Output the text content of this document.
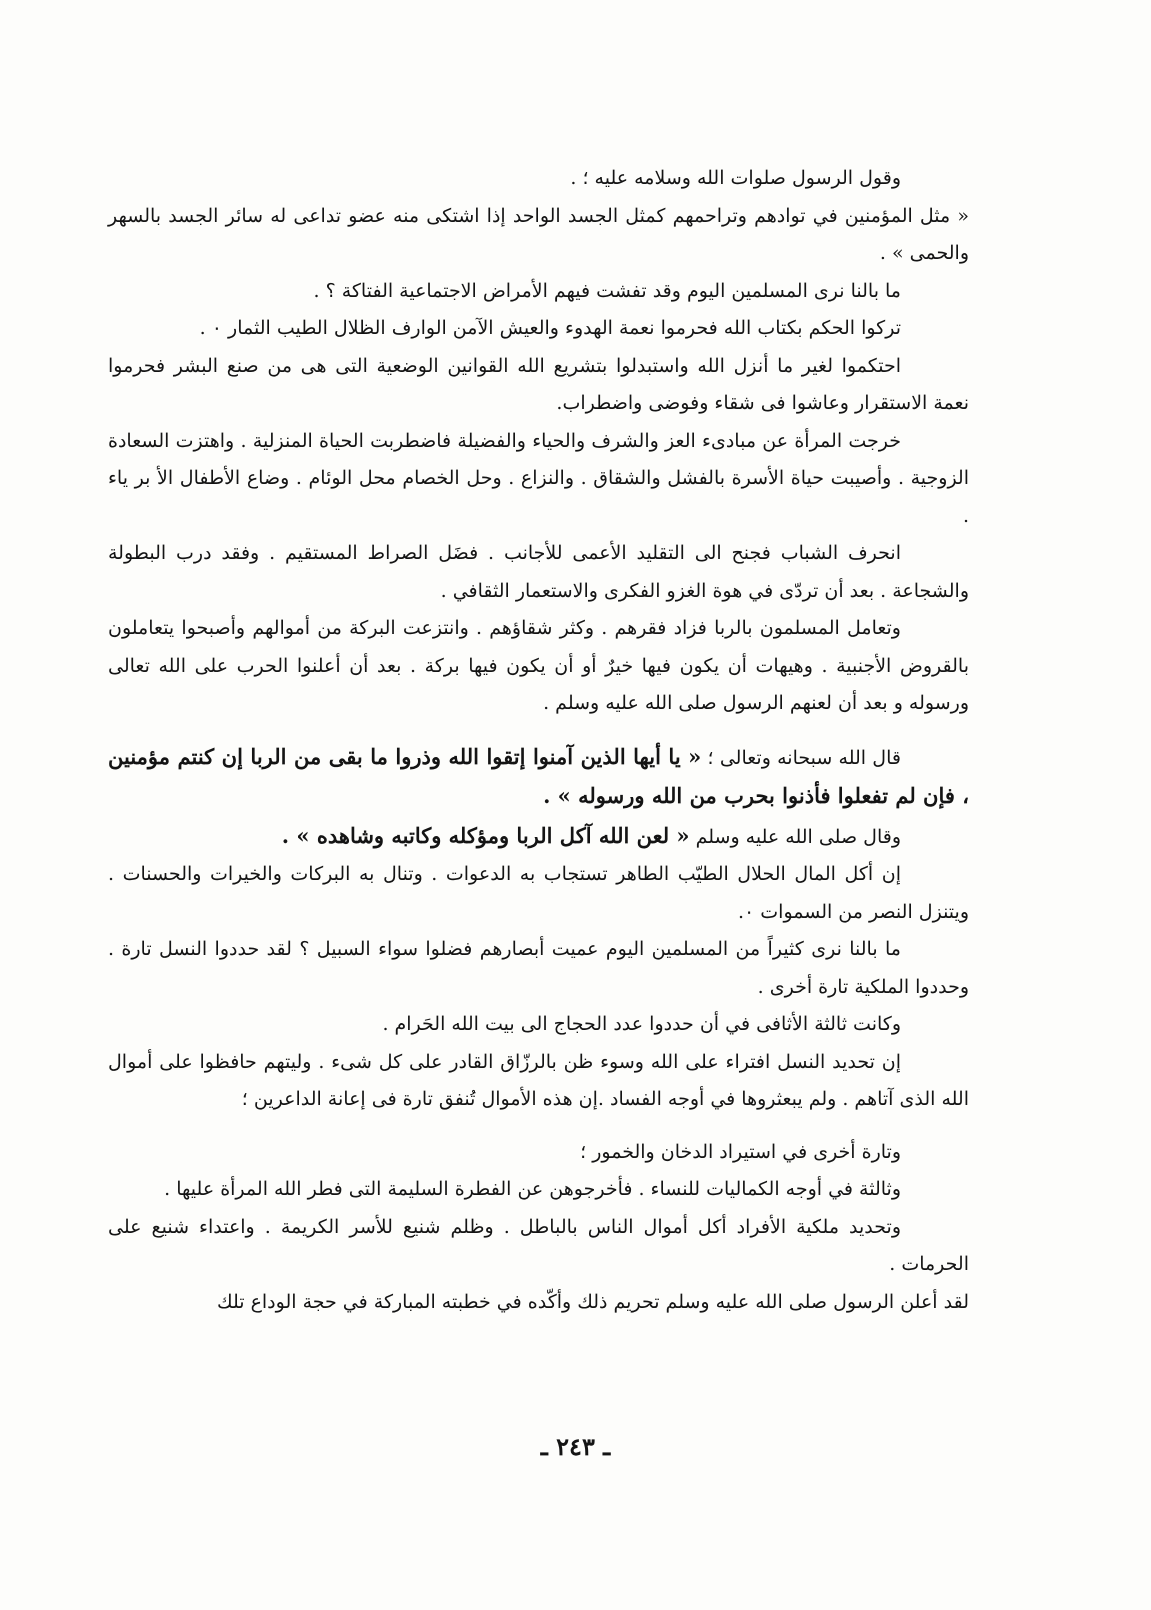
وقول الرسول صلوات الله وسلامه عليه ؛ .

« مثل المؤمنين في توادهم وتراحمهم كمثل الجسد الواحد إذا اشتكى منه عضو تداعى له سائر الجسد بالسهر والحمى » .

ما بالنا نرى المسلمين اليوم وقد تفشت فيهم الأمراض الاجتماعية الفتاكة ؟ .

تركوا الحكم بكتاب الله فحرموا نعمة الهدوء والعيش الآمن الوارف الظلال الطيب الثمار ٠ .

احتكموا لغير ما أنزل الله واستبدلوا بتشريع الله القوانين الوضعية التى هى من صنع البشر فحرموا نعمة الاستقرار وعاشوا فى شقاء وفوضى واضطراب.

خرجت المرأة عن مبادىء العز والشرف والحياء والفضيلة فاضطربت الحياة المنزلية . واهتزت السعادة الزوجية . وأصيبت حياة الأسرة بالفشل والشقاق . والنزاع . وحل الخصام محل الوئام . وضاع الأطفال الأ بر ياء .

انحرف الشباب فجنح الى التقليد الأعمى للأجانب . فضَل الصراط المستقيم . وفقد درب البطولة والشجاعة . بعد أن تردّى في هوة الغزو الفكرى والاستعمار الثقافي .

وتعامل المسلمون بالربا فزاد فقرهم . وكثر شقاؤهم . وانتزعت البركة من أموالهم وأصبحوا يتعاملون بالقروض الأجنبية . وهيهات أن يكون فيها خيرٌ أو أن يكون فيها بركة . بعد أن أعلنوا الحرب على الله تعالى ورسوله و بعد أن لعنهم الرسول صلى الله عليه وسلم .

قال الله سبحانه وتعالى ؛ « يا أيها الذين آمنوا إتقوا الله وذروا ما بقى من الربا إن كنتم مؤمنين ، فإن لم تفعلوا فأذنوا بحرب من الله ورسوله » .

وقال صلى الله عليه وسلم « لعن الله آكل الربا ومؤكله وكاتبه وشاهده » .

إن أكل المال الحلال الطيّب الطاهر تستجاب به الدعوات . وتنال به البركات والخيرات والحسنات . ويتنزل النصر من السموات ٠.

ما بالنا نرى كثيراً من المسلمين اليوم عميت أبصارهم فضلوا سواء السبيل ؟ لقد حددوا النسل تارة . وحددوا الملكية تارة أخرى .

وكانت ثالثة الأثافى في أن حددوا عدد الحجاج الى بيت الله الحَرام .

إن تحديد النسل افتراء على الله وسوء ظن بالرزّاق القادر على كل شىء . وليتهم حافظوا على أموال الله الذى آتاهم . ولم يبعثروها في أوجه الفساد .إن هذه الأموال تُنفق تارة فى إعانة الداعرين ؛

وتارة أخرى في استيراد الدخان والخمور ؛

وثالثة في أوجه الكماليات للنساء . فأخرجوهن عن الفطرة السليمة التى فطر الله المرأة عليها .

وتحديد ملكية الأفراد أكل أموال الناس بالباطل . وظلم شنيع للأسر الكريمة . واعتداء شنيع على الحرمات .

لقد أعلن الرسول صلى الله عليه وسلم تحريم ذلك وأكّده في خطبته المباركة في حجة الوداع تلك

ـ ٢٤٣ ـ
